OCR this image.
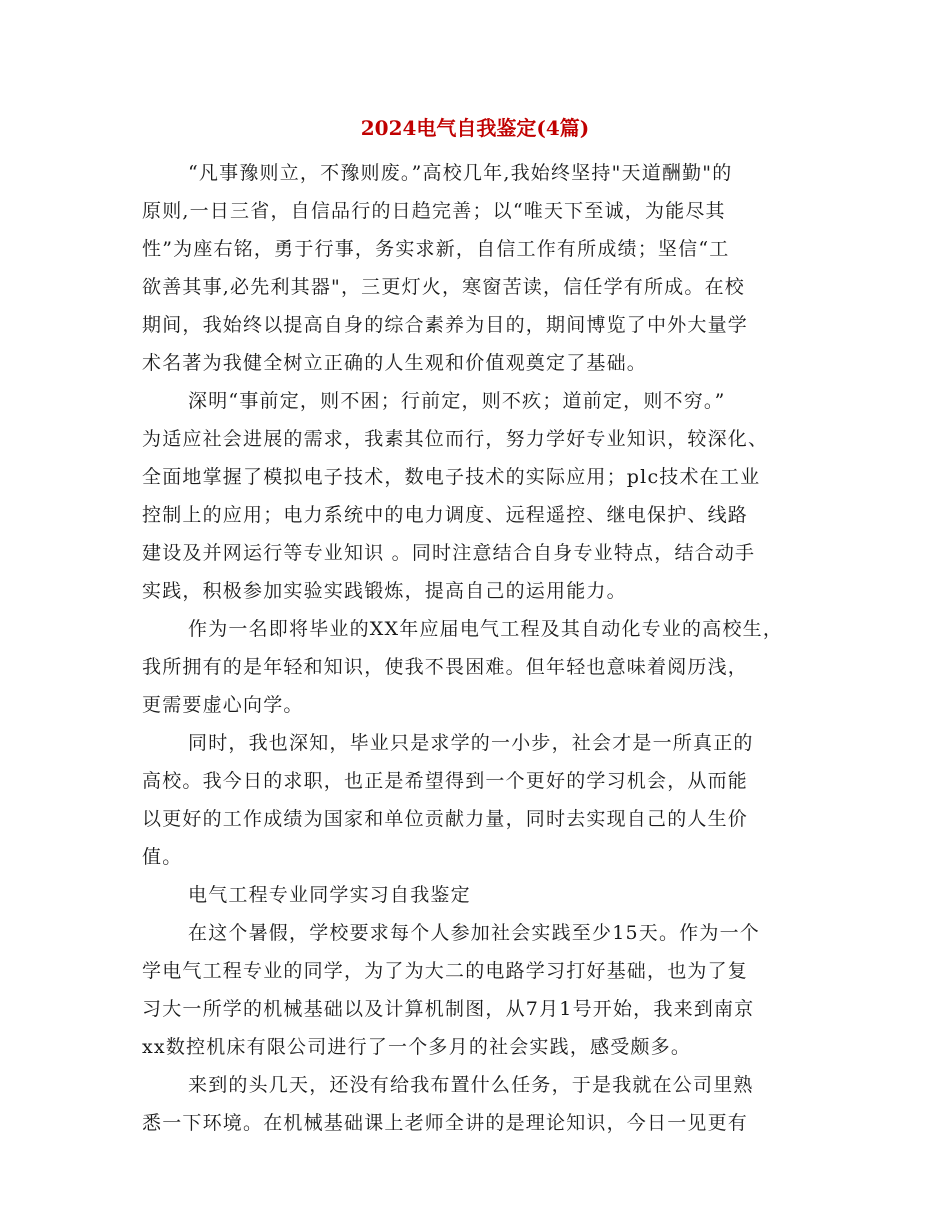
2024电气自我鉴定(4篇)

“凡事豫则立，不豫则废。”高校几年,我始终坚持"天道酬勤"的

原则,一日三省，自信品行的日趋完善；以“唯天下至诚，为能尽其

性”为座右铭，勇于行事，务实求新，自信工作有所成绩；坚信“工

欲善其事,必先利其器"，三更灯火，寒窗苦读，信任学有所成。在校

期间，我始终以提高自身的综合素养为目的，期间博览了中外大量学

术名著为我健全树立正确的人生观和价值观奠定了基础。

深明“事前定，则不困；行前定，则不疚；道前定，则不穷。”

为适应社会进展的需求，我素其位而行，努力学好专业知识，较深化、

全面地掌握了模拟电子技术，数电子技术的实际应用；plc技术在工业

控制上的应用；电力系统中的电力调度、远程遥控、继电保护、线路

建设及并网运行等专业知识 。同时注意结合自身专业特点，结合动手

实践，积极参加实验实践锻炼，提高自己的运用能力。

作为一名即将毕业的XX年应届电气工程及其自动化专业的高校生，

我所拥有的是年轻和知识，使我不畏困难。但年轻也意味着阅历浅，

更需要虚心向学。

同时，我也深知，毕业只是求学的一小步，社会才是一所真正的

高校。我今日的求职，也正是希望得到一个更好的学习机会，从而能

以更好的工作成绩为国家和单位贡献力量，同时去实现自己的人生价

值。

电气工程专业同学实习自我鉴定

在这个暑假，学校要求每个人参加社会实践至少15天。作为一个

学电气工程专业的同学，为了为大二的电路学习打好基础，也为了复

习大一所学的机械基础以及计算机制图，从7月1号开始，我来到南京

xx数控机床有限公司进行了一个多月的社会实践，感受颇多。

来到的头几天，还没有给我布置什么任务，于是我就在公司里熟

悉一下环境。在机械基础课上老师全讲的是理论知识，今日一见更有
